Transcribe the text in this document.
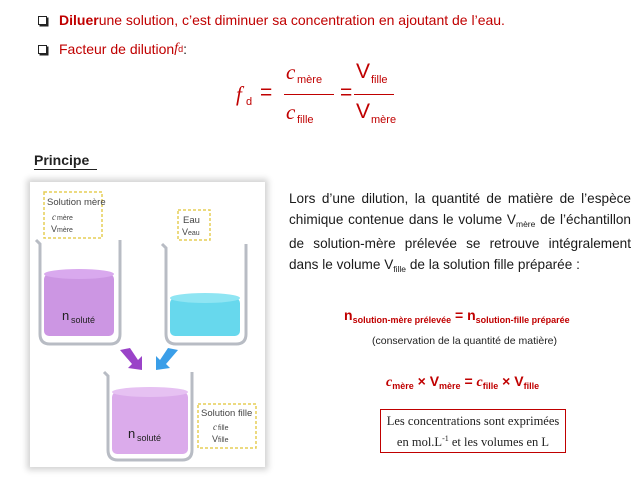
Diluer une solution, c’est diminuer sa concentration en ajoutant de l’eau.
Facteur de dilution f d :
f d =
c mère
c fille
=
V fille
V mère
Principe
Solution mère
c mère
V mère
Eau
V eau
n soluté
n soluté
Solution fille
c fille
V fille
Lors d’une dilution, la quantité de matière de l’espèce chimique contenue dans le volume $V_{mère}$ de l’échantillon de solution-mère prélevée se retrouve intégralement dans le volume $V_{fille}$ de la solution fille préparée :
$n_{solution-mère prélevée} = n_{solution-fille préparée}$
(conservation de la quantité de matière)
$c_{mère} \times V_{mère} = c_{fille} \times V_{fille}$
Les concentrations sont exprimées
en $mol.L^{-1}$ et les volumes en L
